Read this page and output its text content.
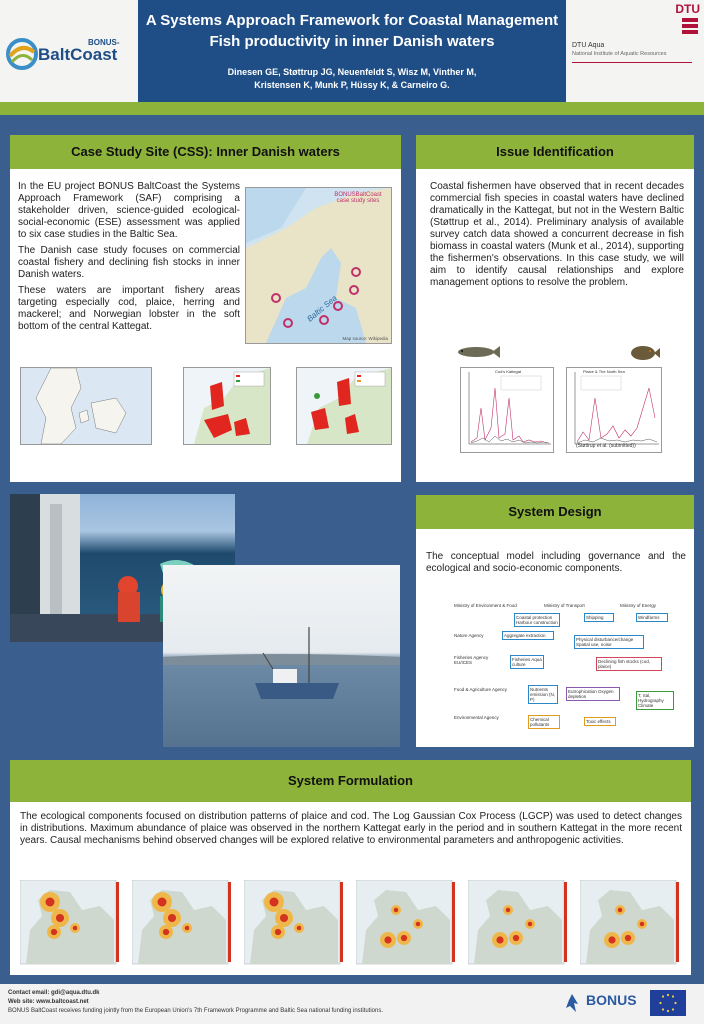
BONUS-
BaltCoast
A Systems Approach Framework for Coastal Management
Fish productivity in inner Danish waters
Dinesen GE, Støttrup JG, Neuenfeldt S, Wisz M, Vinther M,
Kristensen K, Munk P, Hüssy K, & Carneiro G.
DTU
DTU Aqua
National Institute of Aquatic Resources
Case Study Site (CSS): Inner Danish waters
In the EU project BONUS BaltCoast the Systems Approach Framework (SAF) comprising a stakeholder driven, science-guided ecological-social-economic (ESE) assessment was applied to six case studies in the Baltic Sea.
The Danish case study focuses on commercial coastal fishery and declining fish stocks in inner Danish waters.
These waters are important fishery areas targeting especially cod, plaice, herring and mackerel; and Norwegian lobster in the soft bottom of the central Kattegat.
BONUSBaltCoast case study sites
Baltic Sea
Map source: Wikipedia
Issue Identification
Coastal fishermen have observed that in recent decades commercial fish species in coastal waters have declined dramatically in the Kattegat, but not in the Western Baltic (Støttrup et al., 2014). Preliminary analysis of available survey catch data showed a concurrent decrease in fish biomass in coastal waters (Munk et al., 2014), supporting the fishermen's observations. In this case study, we will aim to identify causal relationships and explore management options to resolve the problem.
Cod's Kattegat	Plaice & The North Sea
(Støttrup et al. (submitted))
System Design
The conceptual model including governance and the ecological and socio-economic components.
Ministry of Environment & Food	Ministry of Transport	Ministry of Energy
Nature Agency
Fisheries Agency EU/ICES
Food & Agriculture Agency
Environmental Agency
Coastal protection Harbour construction
Shipping	Windfarms
Aggregate extraction
Physical disturbance/change Spatial use, noise
Fisheries Aqua culture
Declining fish stocks (cod, plaice)
Nutrients emission (N, P)
Eutrophication Oxygen depletion	T, Sal, Hydrography Climate
Chemical pollutants
Toxic effects
System Formulation
The ecological components focused on distribution patterns of plaice and cod. The Log Gaussian Cox Process (LGCP) was used to detect changes in distributions. Maximum abundance of plaice was observed in the northern Kattegat early in the period and in southern Kattegat in the more recent years. Causal mechanisms behind observed changes will be explored relative to environmental parameters and anthropogenic activities.
Contact email: gdi@aqua.dtu.dk
Web site: www.baltcoast.net
BONUS BaltCoast receives funding jointly from the European Union's 7th Framework Programme and Baltic Sea national funding institutions.
BONUS
